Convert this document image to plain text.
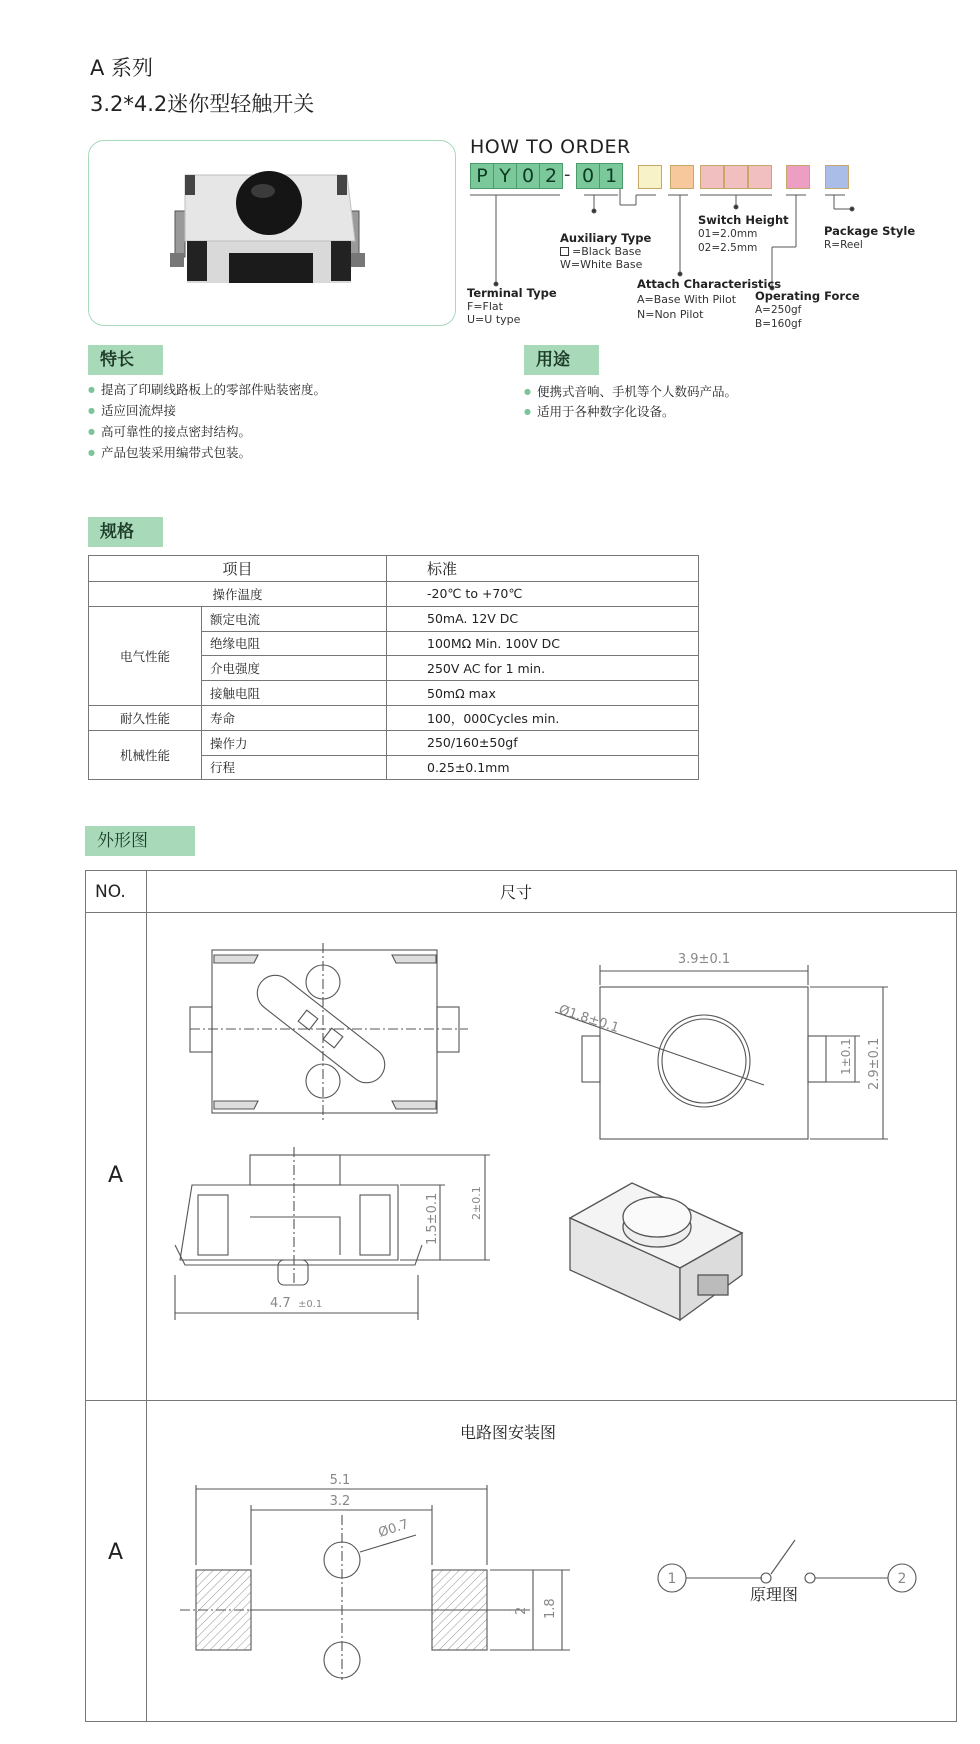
A 系列
3.2*4.2迷你型轻触开关
HOW TO ORDER
P Y 0 2 - 0 1
Auxiliary Type
=Black Base
W=White Base
Switch Height
01=2.0mm
02=2.5mm
Package Style
R=Reel
Attach Characteristics
A=Base With Pilot
N=Non Pilot
Operating Force
A=250gf
B=160gf
Terminal Type
F=Flat
U=U type
特长
● 提高了印刷线路板上的零部件贴装密度。
● 适应回流焊接
● 高可靠性的接点密封结构。
● 产品包装采用编带式包装。
用途
● 便携式音响、手机等个人数码产品。
● 适用于各种数字化设备。
规格
项目		标准
操作温度		-20℃ to +70℃
电气性能	额定电流	50mA. 12V DC
	绝缘电阻	100MΩ Min. 100V DC
	介电强度	250V AC for 1 min.
	接触电阻	50mΩ max
耐久性能	寿命	100，000Cycles min.
机械性能	操作力	250/160±50gf
	行程	0.25±0.1mm
外形图
NO.	尺寸
A
A
电路图安装图
3.9±0.1
Ø1.8±0.1
1±0.1 2.9±0.1
1.5±0.1	2±0.1
4.7 ±0.1
5.1
3.2
Ø0.7
2 1.8
1	2
原理图
